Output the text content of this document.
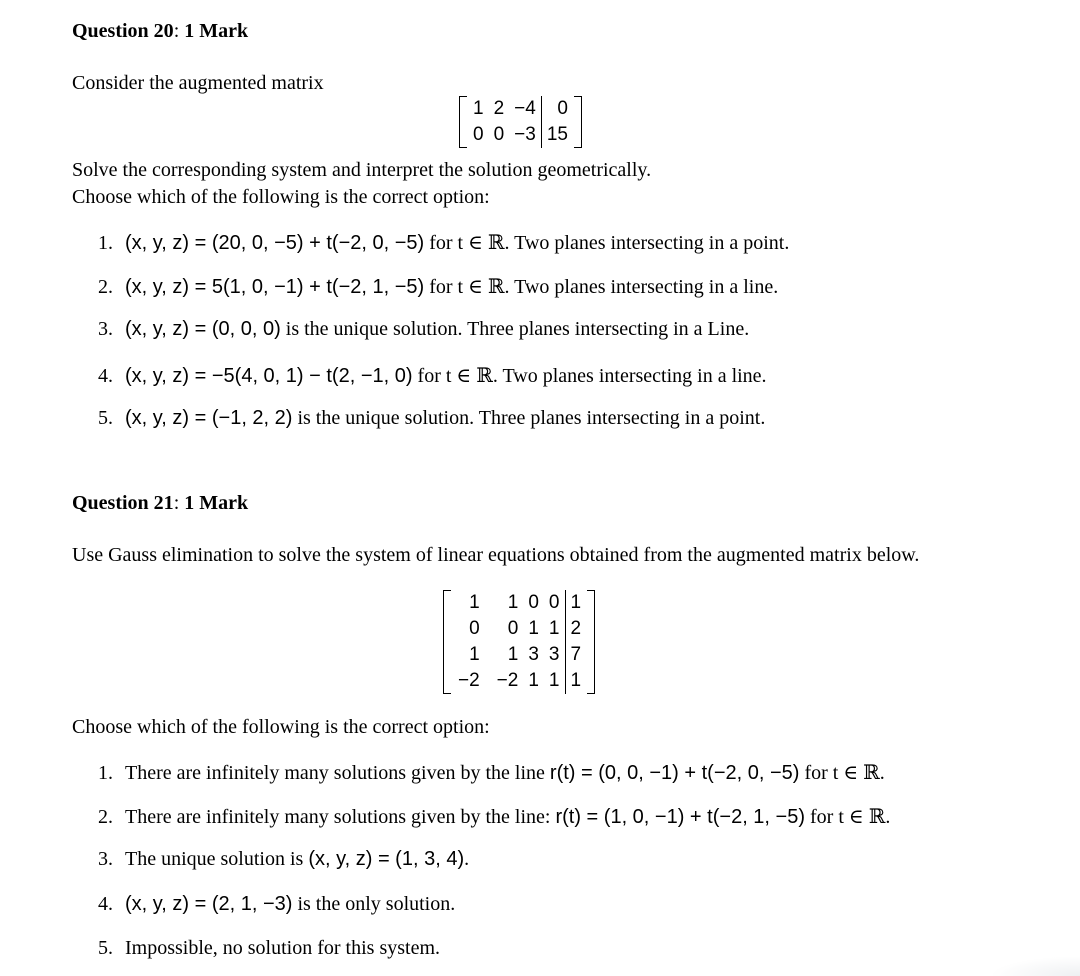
Question 20: 1 Mark
Consider the augmented matrix
1	2	−4	0
0	0	−3	15
Solve the corresponding system and interpret the solution geometrically.
Choose which of the following is the correct option:
1. (x, y, z) = (20, 0, −5) + t(−2, 0, −5) for t ∈ ℝ. Two planes intersecting in a point.
2. (x, y, z) = 5(1, 0, −1) + t(−2, 1, −5) for t ∈ ℝ. Two planes intersecting in a line.
3. (x, y, z) = (0, 0, 0) is the unique solution. Three planes intersecting in a Line.
4. (x, y, z) = −5(4, 0, 1) − t(2, −1, 0) for t ∈ ℝ. Two planes intersecting in a line.
5. (x, y, z) = (−1, 2, 2) is the unique solution. Three planes intersecting in a point.
Question 21: 1 Mark
Use Gauss elimination to solve the system of linear equations obtained from the augmented matrix below.
1	1	0	0	1
0	0	1	1	2
1	1	3	3	7
−2	−2	1	1	1
Choose which of the following is the correct option:
1. There are infinitely many solutions given by the line r(t) = (0, 0, −1) + t(−2, 0, −5) for t ∈ ℝ.
2. There are infinitely many solutions given by the line: r(t) = (1, 0, −1) + t(−2, 1, −5) for t ∈ ℝ.
3. The unique solution is (x, y, z) = (1, 3, 4).
4. (x, y, z) = (2, 1, −3) is the only solution.
5. Impossible, no solution for this system.
